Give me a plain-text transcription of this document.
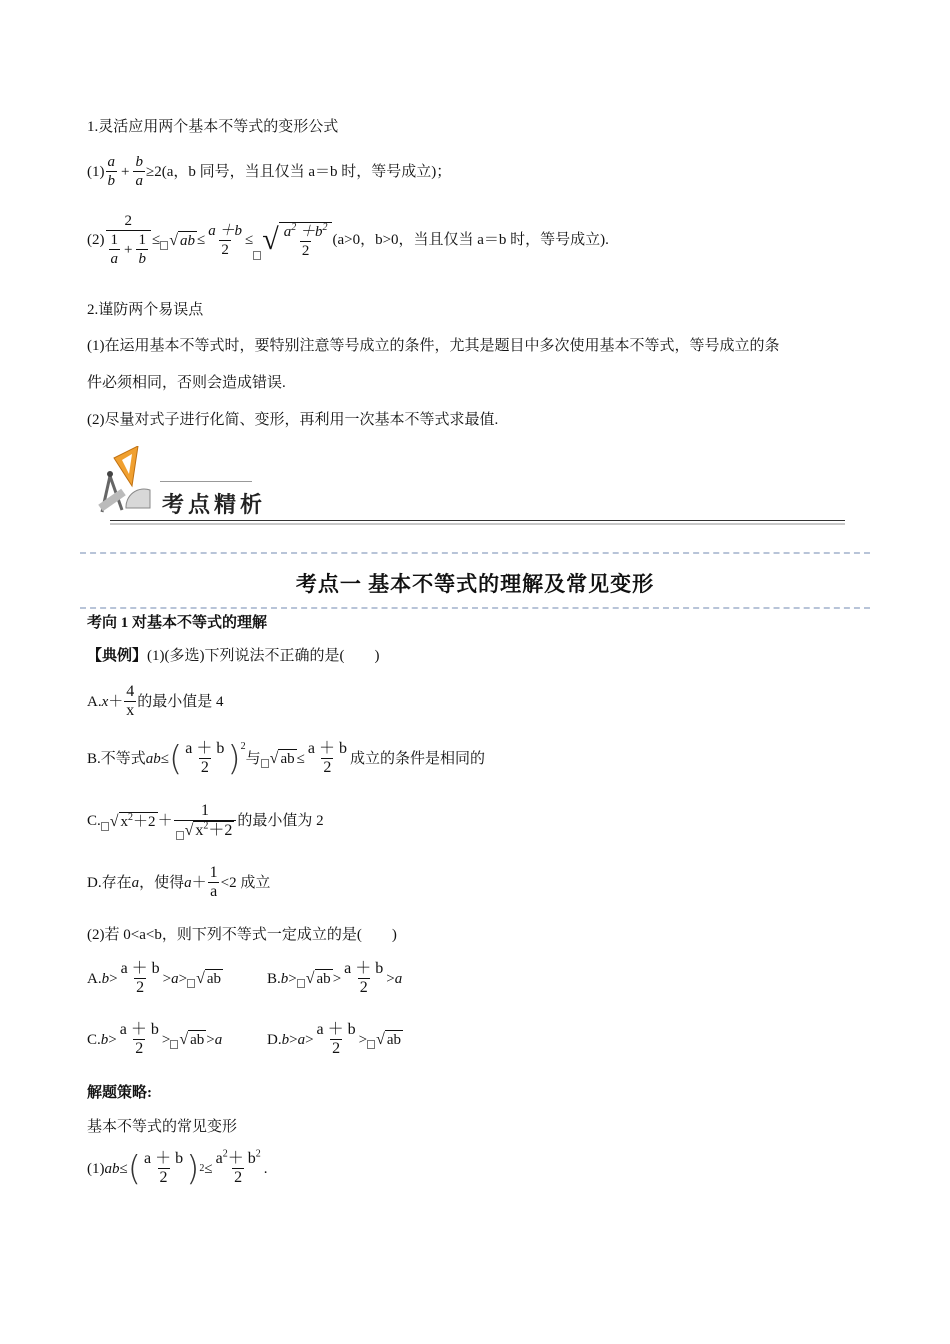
1.灵活应用两个基本不等式的变形公式
$(1) \frac{a}{b} + \frac{b}{a} \ge 2(a$，b 同号，当且仅当 a＝b 时，等号成立)；
$(2) \frac{2}{\frac{1}{a} + \frac{1}{b}}$ ≤ √ ab ≤ $\frac{a +b}{2}$ ≤ √ $\frac{a^2 +b^2}{2} (a>0$，b>0，当且仅当 a＝b 时，等号成立).
2.谨防两个易误点
(1)在运用基本不等式时，要特别注意等号成立的条件，尤其是题目中多次使用基本不等式，等号成立的条
件必须相同，否则会造成错误.
(2)尽量对式子进行化简、变形，再利用一次基本不等式求最值.
考点精析
考点一 基本不等式的理解及常见变形
考向 1 对基本不等式的理解
【典例】(1)(多选)下列说法不正确的是(　　)
A. $x + \frac{4}{x}$ 的最小值是 4
B.不等式 ab ≤ ( $\frac{a + b}{2}$ ) 2
与 √ ab ≤ $\frac{a + b}{2}$ 成立的条件是相同的
C. √ $x^2+2 + \frac{1}{√ x^2+2}$ 的最小值为 2
D.存在 a ，使得 $a + \frac{1}{a} <2$ 成立
(2)若 0<a<b，则下列不等式一定成立的是(　　)
A. $b > \frac{a + b}{2} > a$ > √ ab	B. b > √ ab > $\frac{a + b}{2} > a$
C. $b > \frac{a + b}{2}$ > √ ab > a	D. $b > a > \frac{a + b}{2}$ > √ ab
解题策略:
基本不等式的常见变形
(1) ab ≤ ( $\frac{a + b}{2}$ ) $2 \le \frac{a^2+ b^2}{2}$ .
